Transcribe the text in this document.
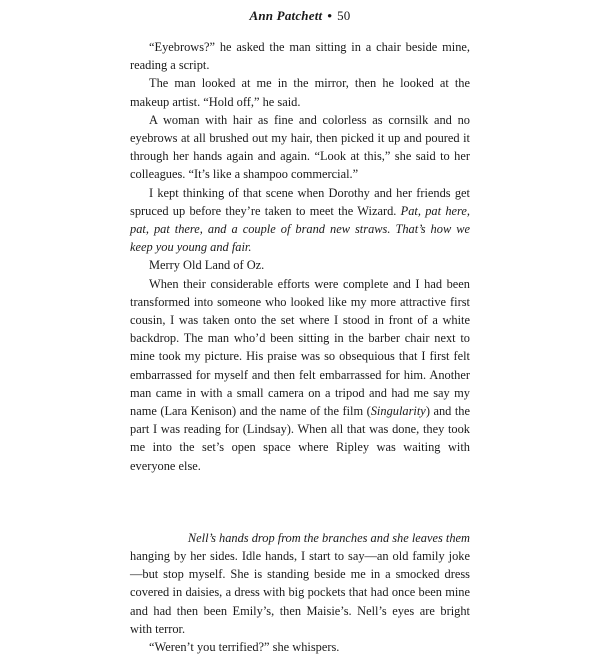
Ann Patchett • 50

“Eyebrows?” he asked the man sitting in a chair beside mine, reading a script.

The man looked at me in the mirror, then he looked at the makeup artist. “Hold off,” he said.

A woman with hair as fine and colorless as cornsilk and no eyebrows at all brushed out my hair, then picked it up and poured it through her hands again and again. “Look at this,” she said to her colleagues. “It’s like a shampoo commercial.”

I kept thinking of that scene when Dorothy and her friends get spruced up before they’re taken to meet the Wizard. Pat, pat here, pat, pat there, and a couple of brand new straws. That’s how we keep you young and fair.

Merry Old Land of Oz.

When their considerable efforts were complete and I had been transformed into someone who looked like my more attractive first cousin, I was taken onto the set where I stood in front of a white backdrop. The man who’d been sitting in the barber chair next to mine took my picture. His praise was so obsequious that I first felt embarrassed for myself and then felt embarrassed for him. Another man came in with a small camera on a tripod and had me say my name (Lara Kenison) and the name of the film (Singularity) and the part I was reading for (Lindsay). When all that was done, they took me into the set’s open space where Ripley was waiting with everyone else.

Nell’s hands drop from the branches and she leaves them
hanging by her sides. Idle hands, I start to say—an old family joke—but stop myself. She is standing beside me in a smocked dress covered in daisies, a dress with big pockets that had once been mine and had then been Emily’s, then Maisie’s. Nell’s eyes are bright with terror.

“Weren’t you terrified?” she whispers.
